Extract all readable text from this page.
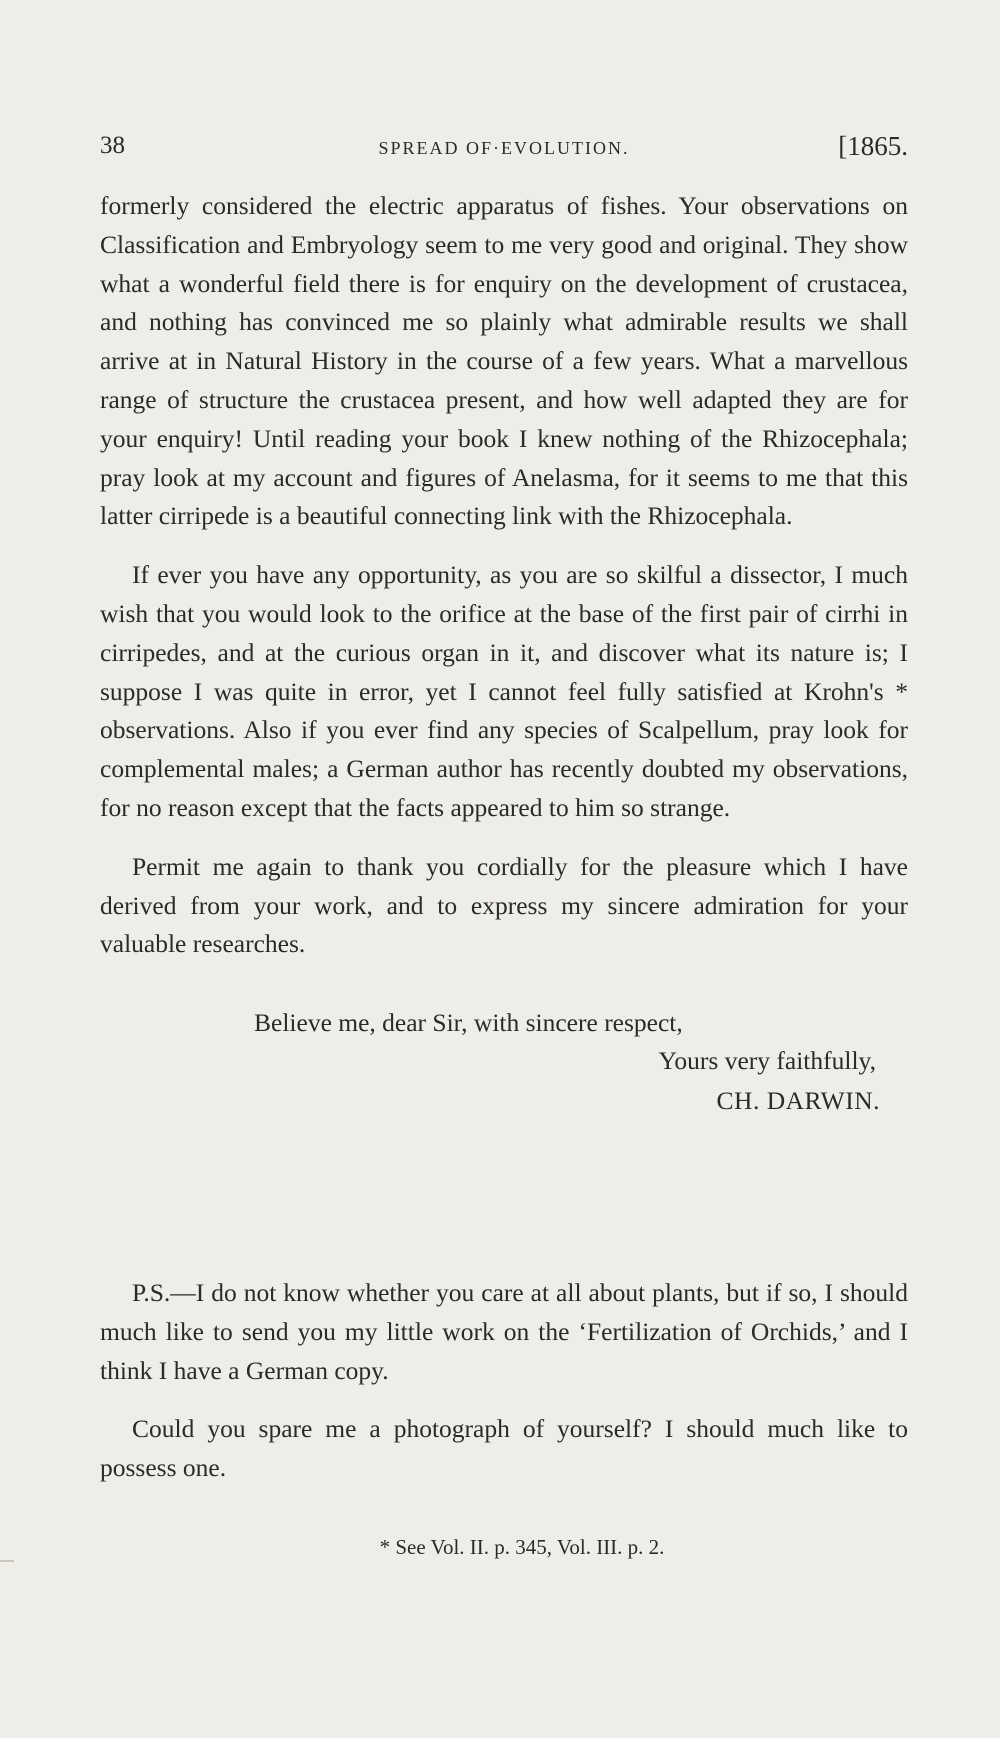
38	SPREAD OF·EVOLUTION.	[1865.

formerly considered the electric apparatus of fishes. Your observations on Classification and Embryology seem to me very good and original. They show what a wonderful field there is for enquiry on the development of crustacea, and nothing has convinced me so plainly what admirable results we shall arrive at in Natural History in the course of a few years. What a marvellous range of structure the crustacea present, and how well adapted they are for your enquiry! Until reading your book I knew nothing of the Rhizocephala; pray look at my account and figures of Anelasma, for it seems to me that this latter cirripede is a beautiful connecting link with the Rhizocephala.

If ever you have any opportunity, as you are so skilful a dissector, I much wish that you would look to the orifice at the base of the first pair of cirrhi in cirripedes, and at the curious organ in it, and discover what its nature is; I suppose I was quite in error, yet I cannot feel fully satisfied at Krohn's * observations. Also if you ever find any species of Scalpellum, pray look for complemental males; a German author has recently doubted my observations, for no reason except that the facts appeared to him so strange.

Permit me again to thank you cordially for the pleasure which I have derived from your work, and to express my sincere admiration for your valuable researches.

Believe me, dear Sir, with sincere respect,
Yours very faithfully,
CH. DARWIN.

P.S.—I do not know whether you care at all about plants, but if so, I should much like to send you my little work on the ‘Fertilization of Orchids,’ and I think I have a German copy.

Could you spare me a photograph of yourself? I should much like to possess one.

* See Vol. II. p. 345, Vol. III. p. 2.
